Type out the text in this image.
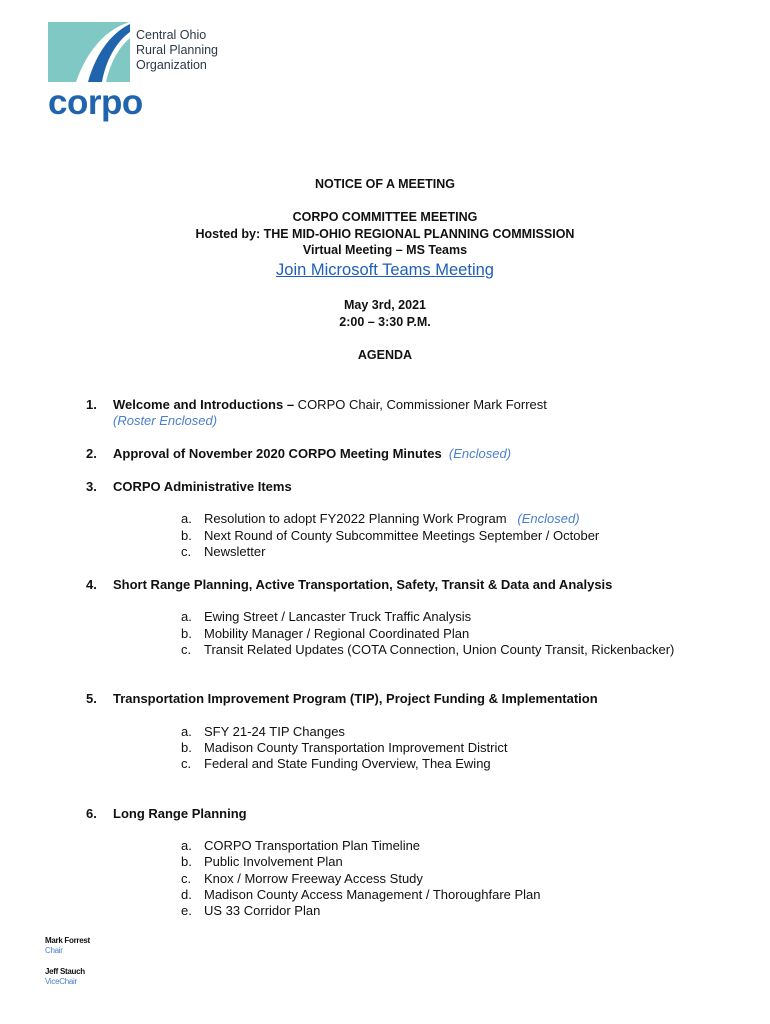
Central Ohio
Rural Planning
Organization
corpo
NOTICE OF A MEETING
CORPO COMMITTEE MEETING
Hosted by: THE MID-OHIO REGIONAL PLANNING COMMISSION
Virtual Meeting – MS Teams
Join Microsoft Teams Meeting
May 3rd, 2021
2:00 – 3:30 P.M.
AGENDA
1. Welcome and Introductions – CORPO Chair, Commissioner Mark Forrest
(Roster Enclosed)
2. Approval of November 2020 CORPO Meeting Minutes (Enclosed)
3. CORPO Administrative Items
a. Resolution to adopt FY2022 Planning Work Program (Enclosed)
b. Next Round of County Subcommittee Meetings September / October
c. Newsletter
4. Short Range Planning, Active Transportation, Safety, Transit & Data and Analysis
a. Ewing Street / Lancaster Truck Traffic Analysis
b. Mobility Manager / Regional Coordinated Plan
c. Transit Related Updates (COTA Connection, Union County Transit, Rickenbacker)
5. Transportation Improvement Program (TIP), Project Funding & Implementation
a. SFY 21-24 TIP Changes
b. Madison County Transportation Improvement District
c. Federal and State Funding Overview, Thea Ewing
6. Long Range Planning
a. CORPO Transportation Plan Timeline
b. Public Involvement Plan
c. Knox / Morrow Freeway Access Study
d. Madison County Access Management / Thoroughfare Plan
e. US 33 Corridor Plan
Mark Forrest
Chair
Jeff Stauch
ViceChair
